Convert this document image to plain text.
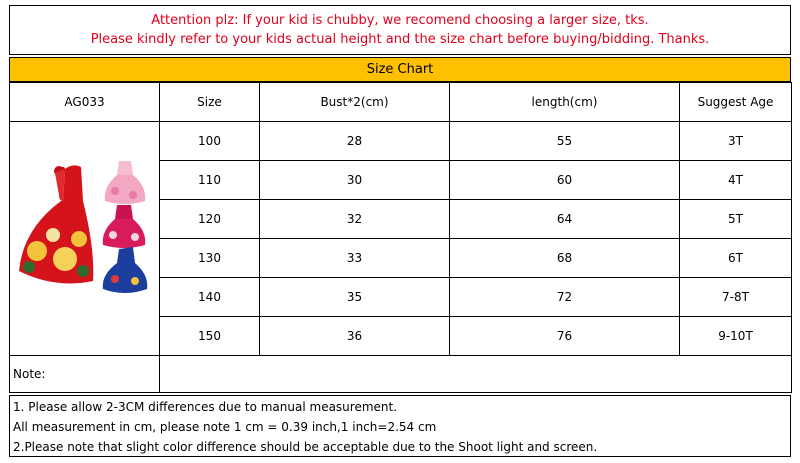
Attention plz: If your kid is chubby, we recomend choosing a larger size, tks.
Please kindly refer to your kids actual height and the size chart before buying/bidding. Thanks.
Size Chart
AG033	Size	Bust*2(cm)	length(cm)	Suggest Age

	100	28	55	3T
	110	30	60	4T
	120	32	64	5T
	130	33	68	6T
	140	35	72	7-8T
	150	36	76	9-10T
Note:				
1. Please allow 2-3CM differences due to manual measurement.
All measurement in cm, please note 1 cm = 0.39 inch,1 inch=2.54 cm
2.Please note that slight color difference should be acceptable due to the Shoot light and screen.
